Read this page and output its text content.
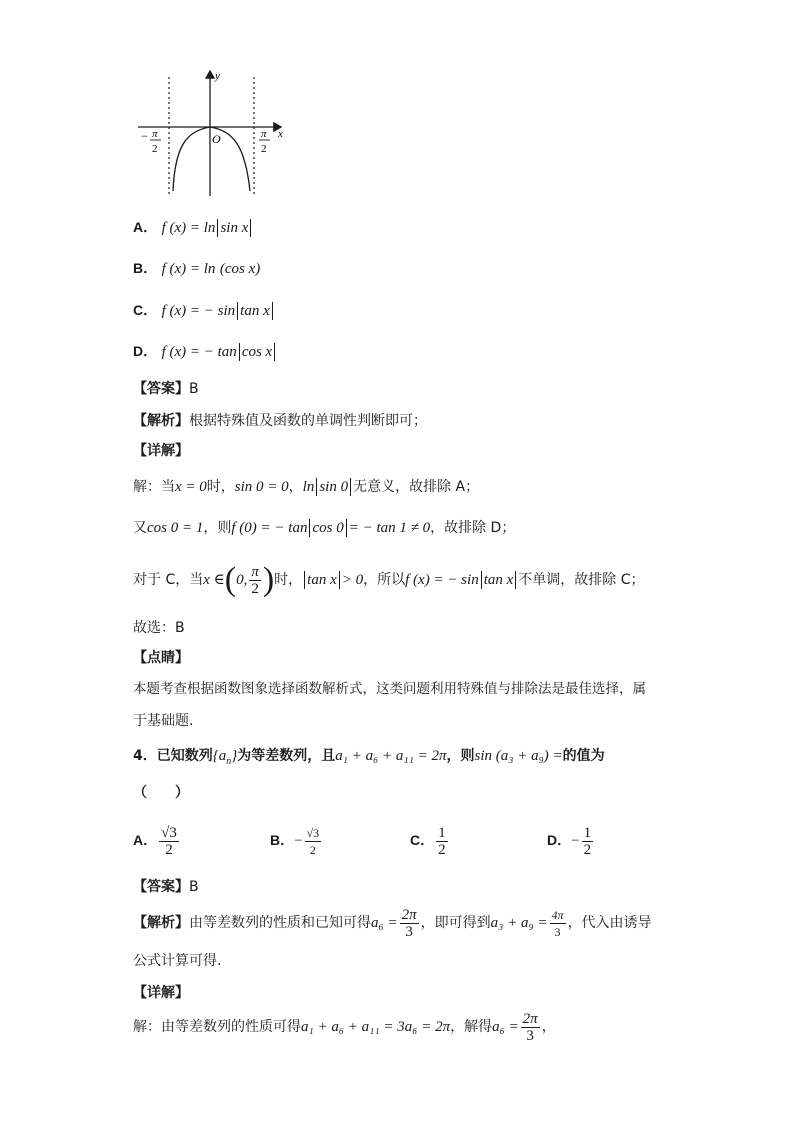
y
x
O
− π
2
π
2
A． f (x) = ln sin x
B． f (x) = ln (cos x)
C． f (x) = − sin tan x
D． f (x) = − tan cos x
【答案】B
【解析】根据特殊值及函数的单调性判断即可；
【详解】
解：当x = 0时，sin 0 = 0，ln sin 0 无意义，故排除 A；
又cos 0 = 1，则f (0) = − tan cos 0 = − tan 1 ≠ 0，故排除 D；
对于 C，当x ∈(0, $\frac{\pi}{2}$ )时， tan x > 0，所以f (x) = − sin tan x 不单调，故排除 C；
故选：B
【点睛】
本题考查根据函数图象选择函数解析式，这类问题利用特殊值与排除法是最佳选择，属
于基础题.
4．已知数列$\{a_n\}$为等差数列，且a₁ + a₆ + a₁₁ = 2π，则sin (a₃ + a₉) =的值为
（　　）
A． $\frac{√3}{2}$	B．− $\frac{√3}{2}$	C． $\frac{1}{2}$	D．− $\frac{1}{2}$
【答案】B
【解析】由等差数列的性质和已知可得$a_6 = \frac{2\pi}{3}$ ，即可得到$a_3 + a_9 = \frac{4\pi}{3}$ ，代入由诱导
公式计算可得.
【详解】
解：由等差数列的性质可得a₁ + a₆ + a₁₁ = 3a₆ = 2π，解得$a_6 = \frac{2\pi}{3}$ ，
